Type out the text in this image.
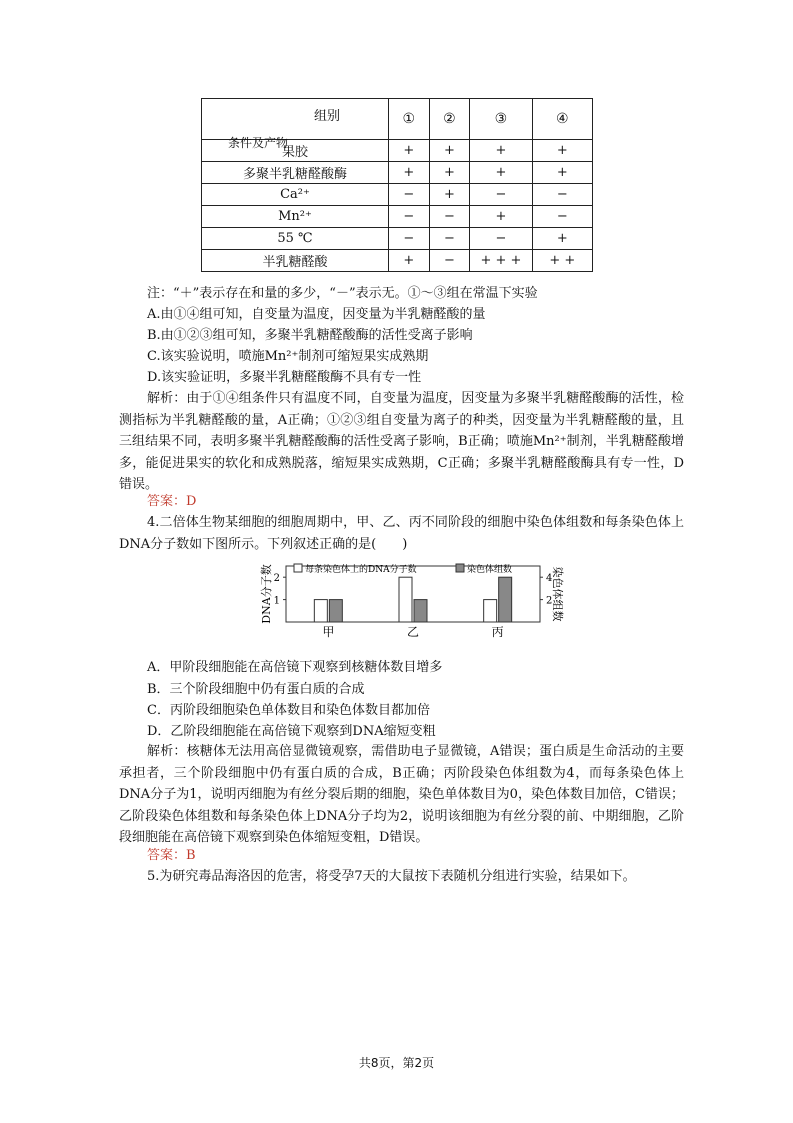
组别
条件及产物	①	②	③	④
果胶	+	+	+	+
多聚半乳糖醛酸酶	+	+	+	+
Ca²⁺	−	+	−	−
Mn²⁺	−	−	+	−
55 ℃	−	−	−	+
半乳糖醛酸	+	−	+ + +	+ +
注：“＋”表示存在和量的多少，“－”表示无。①～③组在常温下实验
A.由①④组可知，自变量为温度，因变量为半乳糖醛酸的量
B.由①②③组可知，多聚半乳糖醛酸酶的活性受离子影响
C.该实验说明，喷施Mn²⁺制剂可缩短果实成熟期
D.该实验证明，多聚半乳糖醛酸酶不具有专一性
解析：由于①④组条件只有温度不同，自变量为温度，因变量为多聚半乳糖醛酸酶的活性，检测指标为半乳糖醛酸的量，A正确；①②③组自变量为离子的种类，因变量为半乳糖醛酸的量，且三组结果不同，表明多聚半乳糖醛酸酶的活性受离子影响，B正确；喷施Mn²⁺制剂，半乳糖醛酸增多，能促进果实的软化和成熟脱落，缩短果实成熟期，C正确；多聚半乳糖醛酸酶具有专一性，D错误。
答案：D
4.二倍体生物某细胞的细胞周期中，甲、乙、丙不同阶段的细胞中染色体组数和每条染色体上DNA分子数如下图所示。下列叙述正确的是(　　)
DNA分子数	染色体组数
1
2
2
4
每条染色体上的DNA分子数	染色体组数
甲	乙	丙
A．甲阶段细胞能在高倍镜下观察到核糖体数目增多
B．三个阶段细胞中仍有蛋白质的合成
C．丙阶段细胞染色单体数目和染色体数目都加倍
D．乙阶段细胞能在高倍镜下观察到DNA缩短变粗
解析：核糖体无法用高倍显微镜观察，需借助电子显微镜，A错误；蛋白质是生命活动的主要承担者，三个阶段细胞中仍有蛋白质的合成，B正确；丙阶段染色体组数为4，而每条染色体上DNA分子为1，说明丙细胞为有丝分裂后期的细胞，染色单体数目为0，染色体数目加倍，C错误；乙阶段染色体组数和每条染色体上DNA分子均为2，说明该细胞为有丝分裂的前、中期细胞，乙阶段细胞能在高倍镜下观察到染色体缩短变粗，D错误。
答案：B
5.为研究毒品海洛因的危害，将受孕7天的大鼠按下表随机分组进行实验，结果如下。
共8页，第2页
